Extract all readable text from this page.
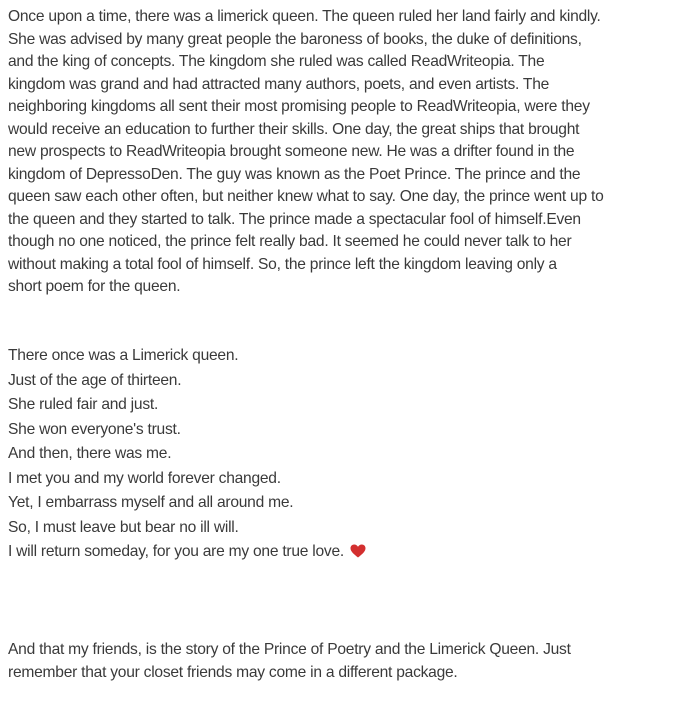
Once upon a time, there was a limerick queen. The queen ruled her land fairly and kindly.
She was advised by many great people the baroness of books, the duke of definitions,
and the king of concepts. The kingdom she ruled was called ReadWriteopia. The
kingdom was grand and had attracted many authors, poets, and even artists. The
neighboring kingdoms all sent their most promising people to ReadWriteopia, were they
would receive an education to further their skills. One day, the great ships that brought
new prospects to ReadWriteopia brought someone new. He was a drifter found in the
kingdom of DepressoDen. The guy was known as the Poet Prince. The prince and the
queen saw each other often, but neither knew what to say. One day, the prince went up to
the queen and they started to talk. The prince made a spectacular fool of himself.Even
though no one noticed, the prince felt really bad. It seemed he could never talk to her
without making a total fool of himself. So, the prince left the kingdom leaving only a
short poem for the queen.
There once was a Limerick queen.
Just of the age of thirteen.
She ruled fair and just.
She won everyone's trust.
And then, there was me.
I met you and my world forever changed.
Yet, I embarrass myself and all around me.
So, I must leave but bear no ill will.
I will return someday, for you are my one true love.
And that my friends, is the story of the Prince of Poetry and the Limerick Queen. Just
remember that your closet friends may come in a different package.
